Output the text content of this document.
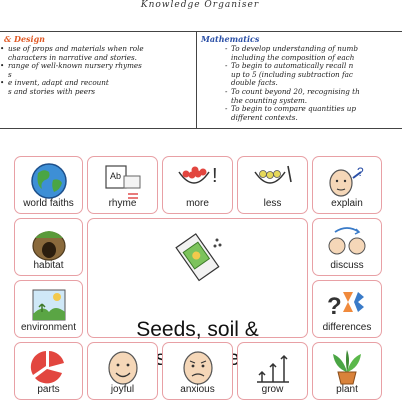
Knowledge Organiser
& Design
• use of props and materials when role
characters in narrative and stories.
• range of well-known nursery rhymes
s
• e invent, adapt and recount
s and stories with peers
Mathematics
- To develop understanding of numb
including the composition of each
- To begin to automatically recall n
up to 5 (including subtraction fac
double facts.
- To count beyond 20, recognising th
the counting system.
- To begin to compare quantities up
different contexts.
world faiths
Ab
rhyme
!
more	less
?
explain
habitat
Seeds, soil &
discuss
environment
?
differences
parts	joyful	anxious	grow	plant
